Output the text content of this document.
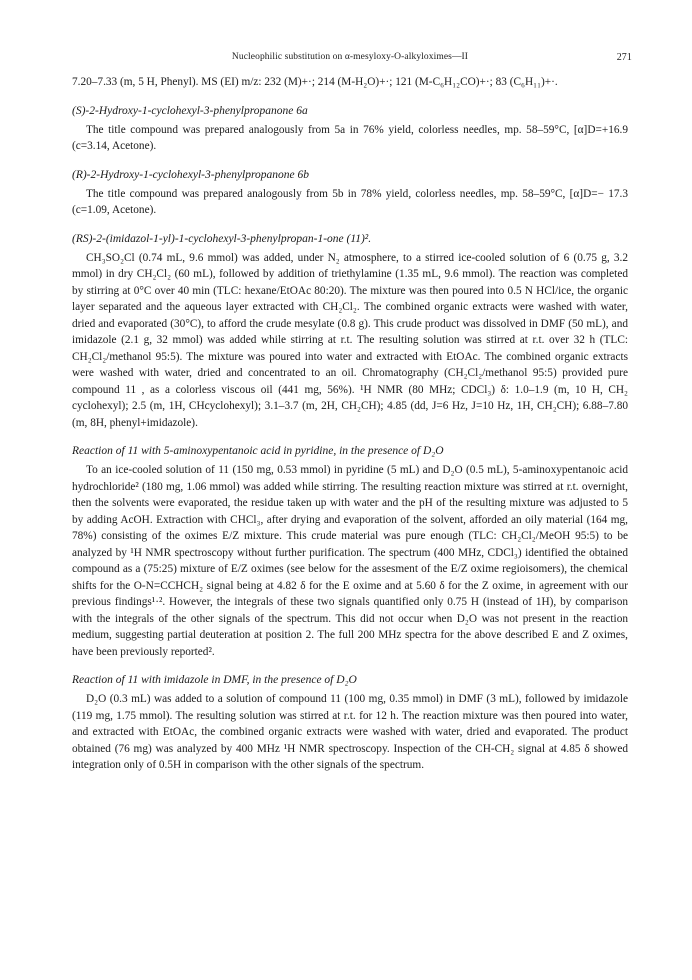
Nucleophilic substitution on α-mesyloxy-O-alkyloximes—II	271

7.20–7.33 (m, 5 H, Phenyl). MS (EI) m/z: 232 (M)+·; 214 (M-H₂O)+·; 121 (M-C₆H₁₂CO)+·; 83 (C₆H₁₁)+·.

(S)-2-Hydroxy-1-cyclohexyl-3-phenylpropanone 6a

The title compound was prepared analogously from 5a in 76% yield, colorless needles, mp. 58–59°C, [α]D=+16.9 (c=3.14, Acetone).

(R)-2-Hydroxy-1-cyclohexyl-3-phenylpropanone 6b

The title compound was prepared analogously from 5b in 78% yield, colorless needles, mp. 58–59°C, [α]D=− 17.3 (c=1.09, Acetone).

(RS)-2-(imidazol-1-yl)-1-cyclohexyl-3-phenylpropan-1-one (11)².

CH₃SO₂Cl (0.74 mL, 9.6 mmol) was added, under N₂ atmosphere, to a stirred ice-cooled solution of 6 (0.75 g, 3.2 mmol) in dry CH₂Cl₂ (60 mL), followed by addition of triethylamine (1.35 mL, 9.6 mmol). The reaction was completed by stirring at 0°C over 40 min (TLC: hexane/EtOAc 80:20). The mixture was then poured into 0.5 N HCl/ice, the organic layer separated and the aqueous layer extracted with CH₂Cl₂. The combined organic extracts were washed with water, dried and evaporated (30°C), to afford the crude mesylate (0.8 g). This crude product was dissolved in DMF (50 mL), and imidazole (2.1 g, 32 mmol) was added while stirring at r.t. The resulting solution was stirred at r.t. over 32 h (TLC: CH₂Cl₂/methanol 95:5). The mixture was poured into water and extracted with EtOAc. The combined organic extracts were washed with water, dried and concentrated to an oil. Chromatography (CH₂Cl₂/methanol 95:5) provided pure compound 11 , as a colorless viscous oil (441 mg, 56%). ¹H NMR (80 MHz; CDCl₃) δ: 1.0–1.9 (m, 10 H, CH₂ cyclohexyl); 2.5 (m, 1H, CHcyclohexyl); 3.1–3.7 (m, 2H, CH₂CH); 4.85 (dd, J=6 Hz, J=10 Hz, 1H, CH₂CH); 6.88–7.80 (m, 8H, phenyl+imidazole).

Reaction of 11 with 5-aminoxypentanoic acid in pyridine, in the presence of D₂O

To an ice-cooled solution of 11 (150 mg, 0.53 mmol) in pyridine (5 mL) and D₂O (0.5 mL), 5-aminoxypentanoic acid hydrochloride² (180 mg, 1.06 mmol) was added while stirring. The resulting reaction mixture was stirred at r.t. overnight, then the solvents were evaporated, the residue taken up with water and the pH of the resulting mixture was adjusted to 5 by adding AcOH. Extraction with CHCl₃, after drying and evaporation of the solvent, afforded an oily material (164 mg, 78%) consisting of the oximes E/Z mixture. This crude material was pure enough (TLC: CH₂Cl₂/MeOH 95:5) to be analyzed by ¹H NMR spectroscopy without further purification. The spectrum (400 MHz, CDCl₃) identified the obtained compound as a (75:25) mixture of E/Z oximes (see below for the assesment of the E/Z oxime regioisomers), the chemical shifts for the O-N=CCHCH₂ signal being at 4.82 δ for the E oxime and at 5.60 δ for the Z oxime, in agreement with our previous findings¹·². However, the integrals of these two signals quantified only 0.75 H (instead of 1H), by comparison with the integrals of the other signals of the spectrum. This did not occur when D₂O was not present in the reaction medium, suggesting partial deuteration at position 2. The full 200 MHz spectra for the above described E and Z oximes, have been previously reported².

Reaction of 11 with imidazole in DMF, in the presence of D₂O

D₂O (0.3 mL) was added to a solution of compound 11 (100 mg, 0.35 mmol) in DMF (3 mL), followed by imidazole (119 mg, 1.75 mmol). The resulting solution was stirred at r.t. for 12 h. The reaction mixture was then poured into water, and extracted with EtOAc, the combined organic extracts were washed with water, dried and evaporated. The product obtained (76 mg) was analyzed by 400 MHz ¹H NMR spectroscopy. Inspection of the CH-CH₂ signal at 4.85 δ showed integration only of 0.5H in comparison with the other signals of the spectrum.
